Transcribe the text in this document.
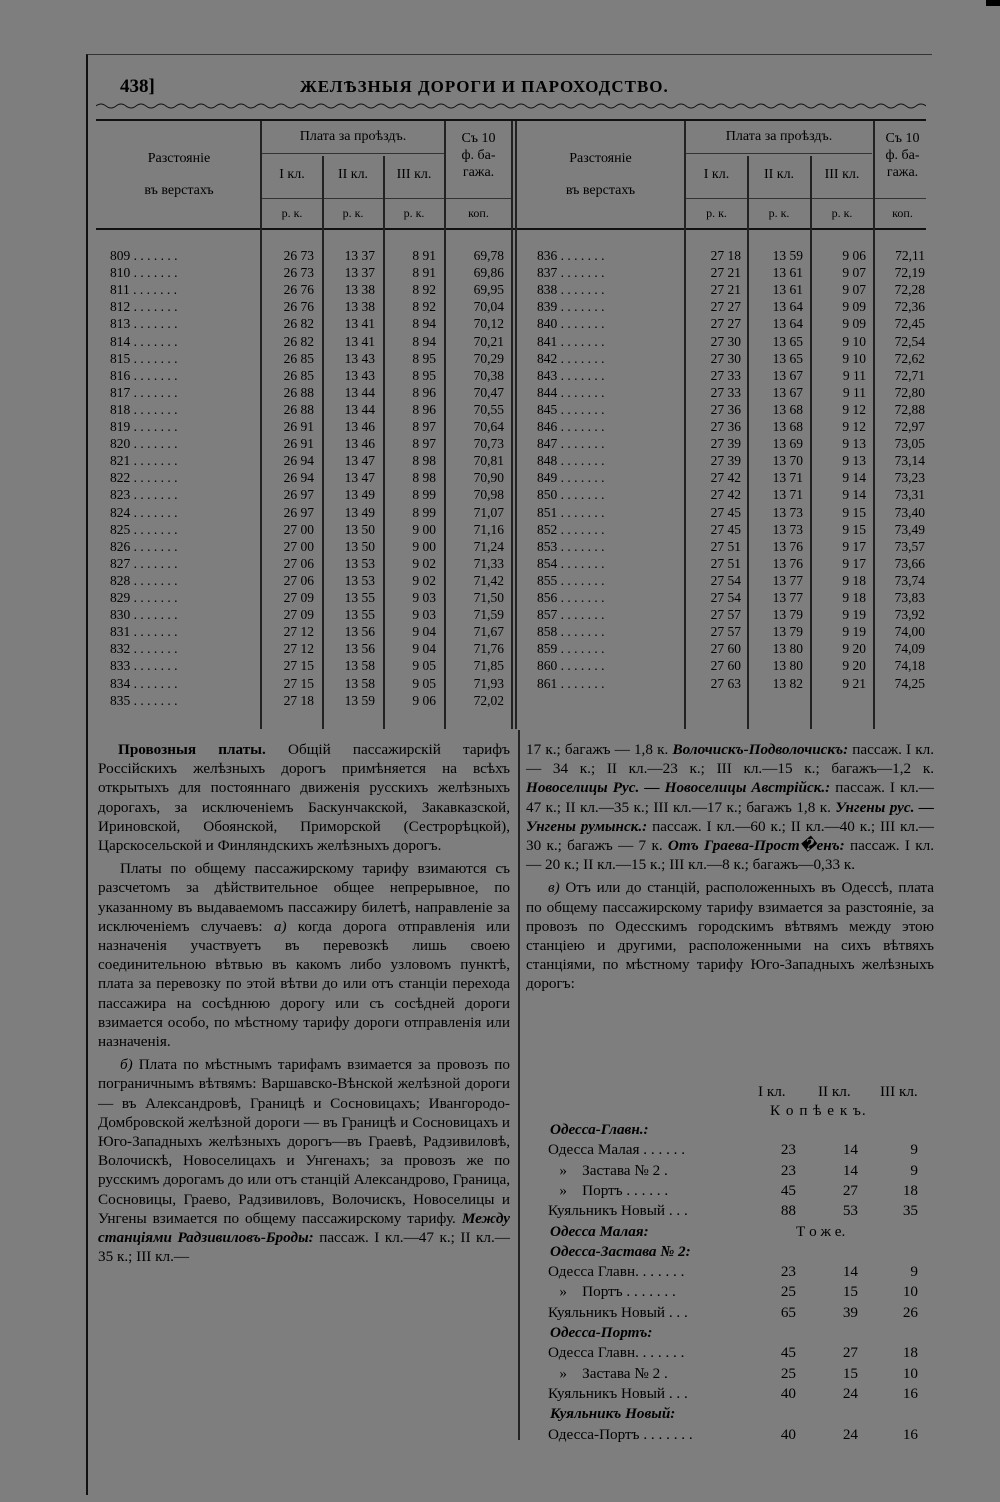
438]	ЖЕЛѢЗНЫЯ ДОРОГИ И ПАРОХОДСТВО.
Разстояніе
въ верстахъ
Плата за проѣздъ.
I кл.	II кл.	III кл.
Съ 10
ф. ба-
гажа.
р. к.	р. к.	р. к.	коп.
Разстояніе
въ верстахъ
Плата за проѣздъ.
I кл.	II кл.	III кл.
Съ 10
ф. ба-
гажа.
р. к.	р. к.	р. к.	коп.
809 . . . . . . .	26 73	13 37	8 91	69,78
810 . . . . . . .	26 73	13 37	8 91	69,86
811 . . . . . . .	26 76	13 38	8 92	69,95
812 . . . . . . .	26 76	13 38	8 92	70,04
813 . . . . . . .	26 82	13 41	8 94	70,12
814 . . . . . . .	26 82	13 41	8 94	70,21
815 . . . . . . .	26 85	13 43	8 95	70,29
816 . . . . . . .	26 85	13 43	8 95	70,38
817 . . . . . . .	26 88	13 44	8 96	70,47
818 . . . . . . .	26 88	13 44	8 96	70,55
819 . . . . . . .	26 91	13 46	8 97	70,64
820 . . . . . . .	26 91	13 46	8 97	70,73
821 . . . . . . .	26 94	13 47	8 98	70,81
822 . . . . . . .	26 94	13 47	8 98	70,90
823 . . . . . . .	26 97	13 49	8 99	70,98
824 . . . . . . .	26 97	13 49	8 99	71,07
825 . . . . . . .	27 00	13 50	9 00	71,16
826 . . . . . . .	27 00	13 50	9 00	71,24
827 . . . . . . .	27 06	13 53	9 02	71,33
828 . . . . . . .	27 06	13 53	9 02	71,42
829 . . . . . . .	27 09	13 55	9 03	71,50
830 . . . . . . .	27 09	13 55	9 03	71,59
831 . . . . . . .	27 12	13 56	9 04	71,67
832 . . . . . . .	27 12	13 56	9 04	71,76
833 . . . . . . .	27 15	13 58	9 05	71,85
834 . . . . . . .	27 15	13 58	9 05	71,93
835 . . . . . . .	27 18	13 59	9 06	72,02
836 . . . . . . .	27 18	13 59	9 06	72,11
837 . . . . . . .	27 21	13 61	9 07	72,19
838 . . . . . . .	27 21	13 61	9 07	72,28
839 . . . . . . .	27 27	13 64	9 09	72,36
840 . . . . . . .	27 27	13 64	9 09	72,45
841 . . . . . . .	27 30	13 65	9 10	72,54
842 . . . . . . .	27 30	13 65	9 10	72,62
843 . . . . . . .	27 33	13 67	9 11	72,71
844 . . . . . . .	27 33	13 67	9 11	72,80
845 . . . . . . .	27 36	13 68	9 12	72,88
846 . . . . . . .	27 36	13 68	9 12	72,97
847 . . . . . . .	27 39	13 69	9 13	73,05
848 . . . . . . .	27 39	13 70	9 13	73,14
849 . . . . . . .	27 42	13 71	9 14	73,23
850 . . . . . . .	27 42	13 71	9 14	73,31
851 . . . . . . .	27 45	13 73	9 15	73,40
852 . . . . . . .	27 45	13 73	9 15	73,49
853 . . . . . . .	27 51	13 76	9 17	73,57
854 . . . . . . .	27 51	13 76	9 17	73,66
855 . . . . . . .	27 54	13 77	9 18	73,74
856 . . . . . . .	27 54	13 77	9 18	73,83
857 . . . . . . .	27 57	13 79	9 19	73,92
858 . . . . . . .	27 57	13 79	9 19	74,00
859 . . . . . . .	27 60	13 80	9 20	74,09
860 . . . . . . .	27 60	13 80	9 20	74,18
861 . . . . . . .	27 63	13 82	9 21	74,25

Провозныя платы. Общій пассажирскій тарифъ Россійскихъ желѣзныхъ дорогъ примѣняется на всѣхъ открытыхъ для постояннаго движенія русскихъ желѣзныхъ дорогахъ, за исключеніемъ Баскунчакской, Закавказской, Ириновской, Обоянской, Приморской (Сестрорѣцкой), Царскосельской и Финляндскихъ желѣзныхъ дорогъ.

Платы по общему пассажирскому тарифу взимаются съ разсчетомъ за дѣйствительное общее непрерывное, по указанному въ выдаваемомъ пассажиру билетѣ, направленіе за исключеніемъ случаевъ: а) когда дорога отправленія или назначенія участвуетъ въ перевозкѣ лишь своею соединительною вѣтвью въ какомъ либо узловомъ пунктѣ, плата за перевозку по этой вѣтви до или отъ станціи перехода пассажира на сосѣднюю дорогу или съ сосѣдней дороги взимается особо, по мѣстному тарифу дороги отправленія или назначенія.

б) Плата по мѣстнымъ тарифамъ взимается за провозъ по пограничнымъ вѣтвямъ: Варшавско-Вѣнской желѣзной дороги — въ Александровѣ, Границѣ и Сосновицахъ; Ивангородо-Домбровской желѣзной дороги — въ Границѣ и Сосновицахъ и Юго-Западныхъ желѣзныхъ дорогъ—въ Граевѣ, Радзивиловѣ, Волочискѣ, Новоселицахъ и Унгенахъ; за провозъ же по русскимъ дорогамъ до или отъ станцій Александрово, Граница, Сосновицы, Граево, Радзивиловъ, Волочискъ, Новоселицы и Унгены взимается по общему пассажирскому тарифу. Между станціями Радзивиловъ-Броды: пассаж. I кл.—47 к.; II кл.—35 к.; III кл.—

17 к.; багажъ — 1,8 к. Волочискъ-Подволочискъ: пассаж. I кл. — 34 к.; II кл.—23 к.; III кл.—15 к.; багажъ—1,2 к. Новоселицы Рус. — Новоселицы Австрійск.: пассаж. I кл.—47 к.; II кл.—35 к.; III кл.—17 к.; багажъ 1,8 к. Унгены рус. — Унгены румынск.: пассаж. I кл.—60 к.; II кл.—40 к.; III кл.—30 к.; багажъ — 7 к. Отъ Граева-Прост�енъ: пассаж. I кл. — 20 к.; II кл.—15 к.; III кл.—8 к.; багажъ—0,33 к.

в) Отъ или до станцій, расположенныхъ въ Одессѣ, плата по общему пассажирскому тарифу взимается за разстояніе, за провозъ по Одесскимъ городскимъ вѣтвямъ между этою станціею и другими, расположенными на сихъ вѣтвяхъ станціями, по мѣстному тарифу Юго-Западныхъ желѣзныхъ дорогъ:

I кл. II кл. III кл.
К о п ѣ е к ъ.
Одесса-Главн.:
Одесса Малая . . . . . .	23	14	9
»    Застава № 2 .	23	14	9
»    Портъ . . . . . .	45	27	18
Куяльникъ Новый . . .	88	53	35
Одесса Малая:	Т о ж е.
Одесса-Застава № 2:
Одесса Главн. . . . . . .	23	14	9
»    Портъ . . . . . . .	25	15	10
Куяльникъ Новый . . .	65	39	26
Одесса-Портъ:
Одесса Главн. . . . . . .	45	27	18
»    Застава № 2 .	25	15	10
Куяльникъ Новый . . .	40	24	16
Куяльникъ Новый:
Одесса-Портъ . . . . . . .	40	24	16
